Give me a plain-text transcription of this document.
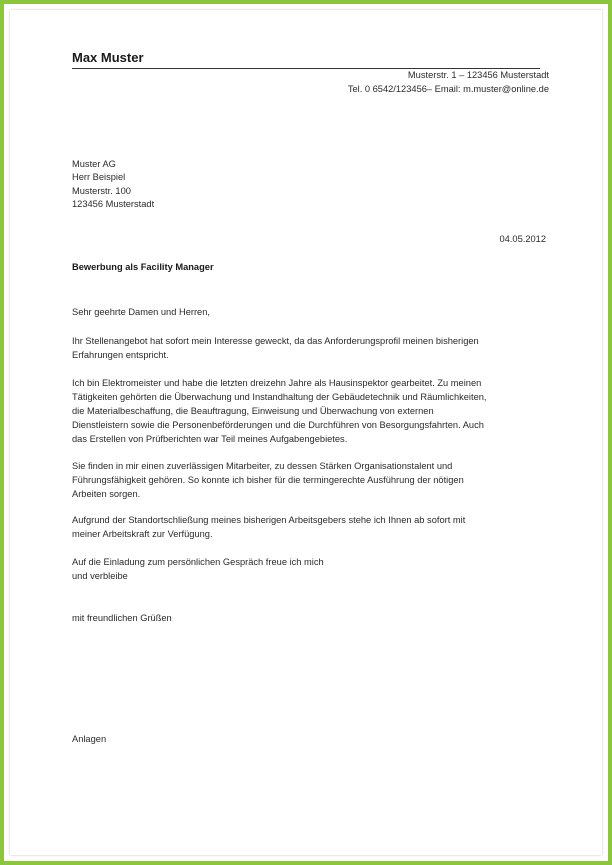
Max Muster
Musterstr. 1 – 123456 Musterstadt
Tel. 0 6542/123456– Email: m.muster@online.de
Muster AG
Herr Beispiel
Musterstr. 100
123456 Musterstadt
04.05.2012
Bewerbung als Facility Manager
Sehr geehrte Damen und Herren,
Ihr Stellenangebot hat sofort mein Interesse geweckt, da das Anforderungsprofil meinen bisherigen
Erfahrungen entspricht.
Ich bin Elektromeister und habe die letzten dreizehn Jahre als Hausinspektor gearbeitet. Zu meinen
Tätigkeiten gehörten die Überwachung und Instandhaltung der Gebäudetechnik und Räumlichkeiten,
die Materialbeschaffung, die Beauftragung, Einweisung und Überwachung von externen
Dienstleistern sowie die Personenbeförderungen und die Durchführen von Besorgungsfahrten. Auch
das Erstellen von Prüfberichten war Teil meines Aufgabengebietes.
Sie finden in mir einen zuverlässigen Mitarbeiter, zu dessen Stärken Organisationstalent und
Führungsfähigkeit gehören. So konnte ich bisher für die termingerechte Ausführung der nötigen
Arbeiten sorgen.
Aufgrund der Standortschließung meines bisherigen Arbeitsgebers stehe ich Ihnen ab sofort mit
meiner Arbeitskraft zur Verfügung.
Auf die Einladung zum persönlichen Gespräch freue ich mich
und verbleibe
mit freundlichen Grüßen
Anlagen
